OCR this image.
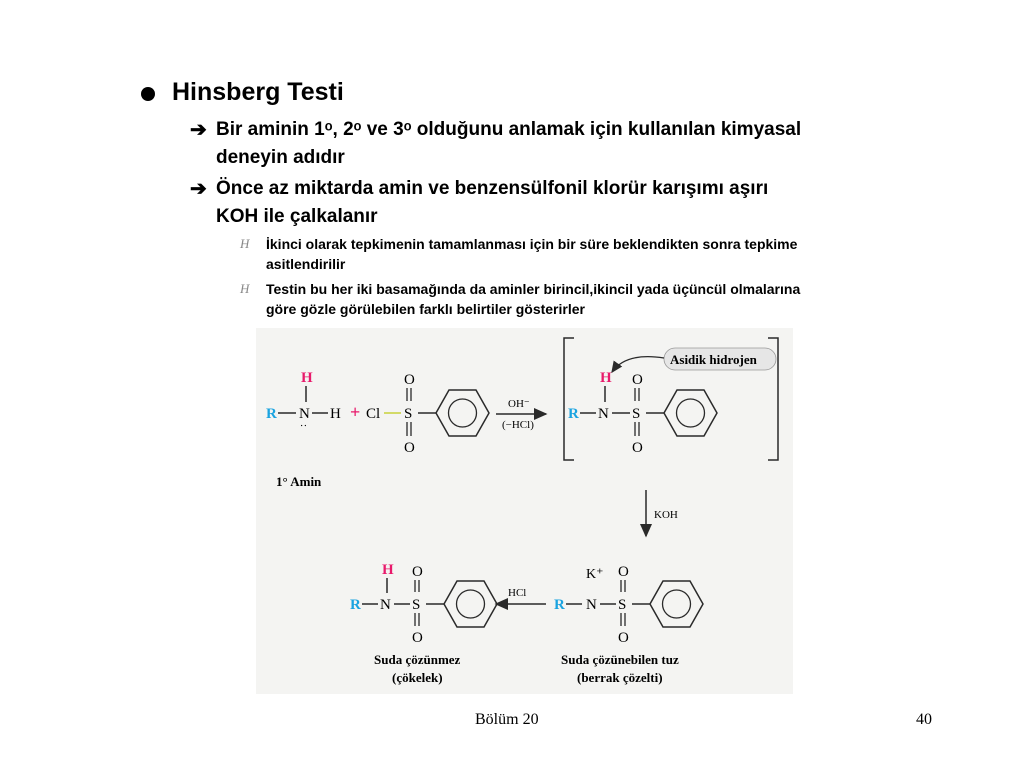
Hinsberg Testi
➔ Bir aminin 1ᵒ, 2ᵒ ve 3ᵒ olduğunu anlamak için kullanılan kimyasal
deneyin adıdır
➔ Önce az miktarda amin ve benzensülfonil klorür karışımı aşırı
KOH ile çalkalanır
H İkinci olarak tepkimenin tamamlanması için bir süre beklendikten sonra tepkime
asitlendirilir
H Testin bu her iki basamağında da aminler birincil,ikincil yada üçüncül olmalarına
göre gözle görülebilen farklı belirtiler gösterirler
H
R N
:
H + Cl S
O
O
OH⁻
(−HCl)
Asidik hidrojen
H
R N S
O
O
1° Amin
KOH
K⁺
R N S
O
O
HCl
H
R N S
O
O
Suda çözünmez
(çökelek)
Suda çözünebilen tuz
(berrak çözelti)
Bölüm 20	40
